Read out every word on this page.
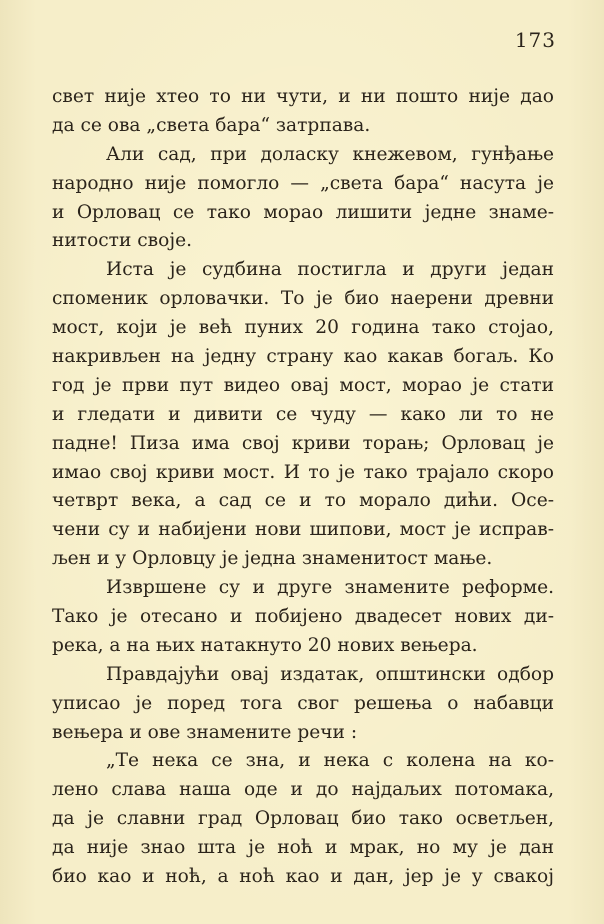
173
свет није хтео то ни чути, и ни пошто није дао
да се ова „света бара“ затрпава.
Али сад, при доласку кнежевом, гунђање
народно није помогло — „света бара“ насута је
и Орловац се тако морао лишити једне знаме-
нитости своје.
Иста је судбина постигла и други један
споменик орловачки. То је био наерени древни
мост, који је већ пуних 20 година тако стојао,
накривљен на једну страну као какав богаљ. Ко
год је први пут видео овај мост, морао је стати
и гледати и дивити се чуду — како ли то не
падне! Пиза има свој криви торањ; Орловац је
имао свој криви мост. И то је тако трајало скоро
четврт века, а сад се и то морало дићи. Осе-
чени су и набијени нови шипови, мост је исправ-
љен и у Орловцу је једна знаменитост мање.
Извршене су и друге знамените реформе.
Тако је отесано и побијено двадесет нових ди-
река, а на њих натакнуто 20 нових вењера.
Правдајући овај издатак, општински одбор
уписао је поред тога свог решења о набавци
вењера и ове знамените речи :
„Те нека се зна, и нека с колена на ко-
лено слава наша оде и до најдаљих потомака,
да је славни град Орловац био тако осветљен,
да није знао шта је ноћ и мрак, но му је дан
био као и ноћ, а ноћ као и дан, јер је у свакој
